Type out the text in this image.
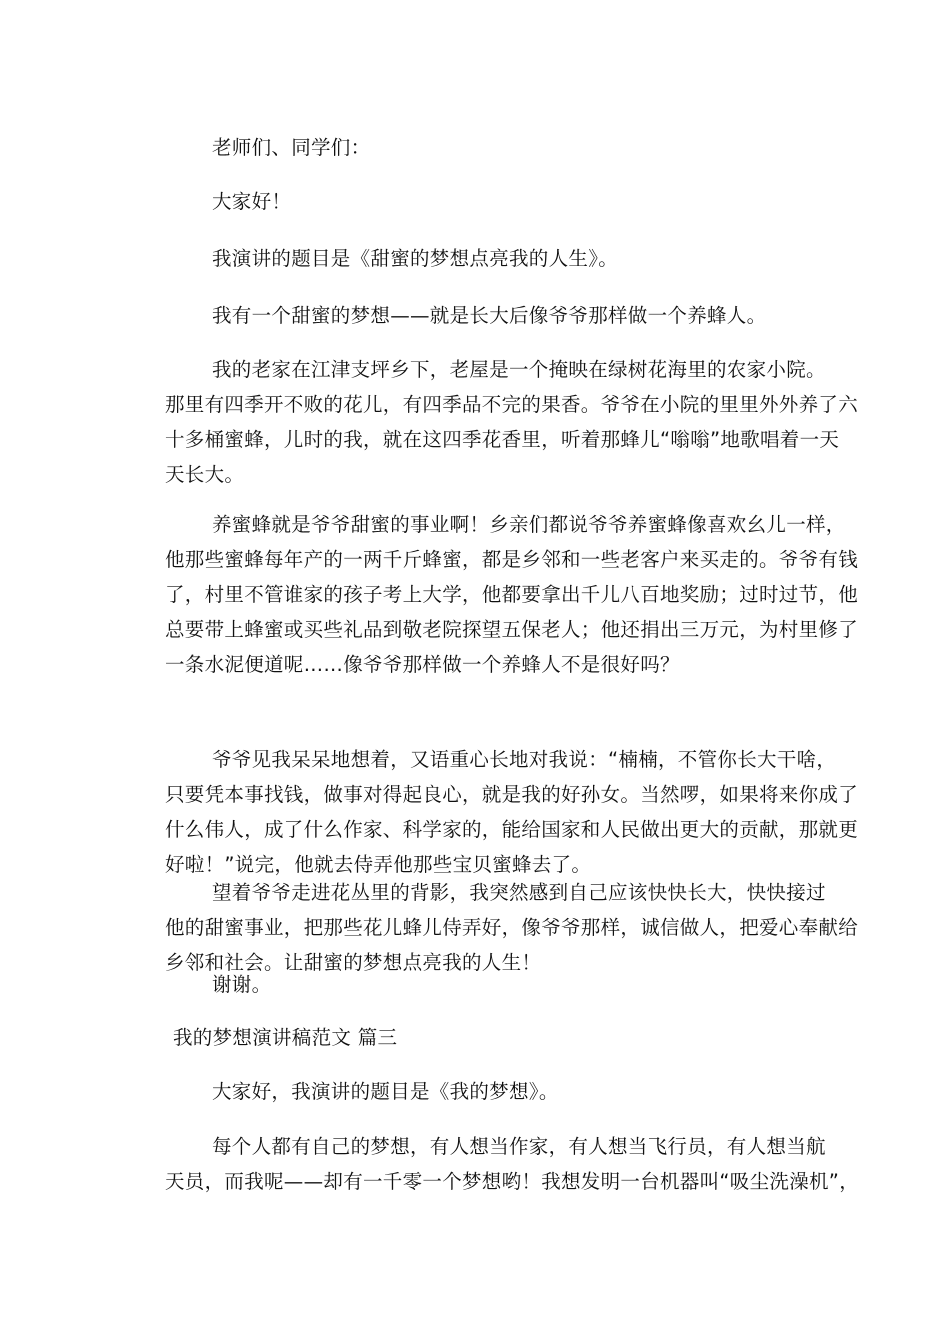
老师们、同学们：
大家好！
我演讲的题目是《甜蜜的梦想点亮我的人生》。
我有一个甜蜜的梦想——就是长大后像爷爷那样做一个养蜂人。
我的老家在江津支坪乡下，老屋是一个掩映在绿树花海里的农家小院。
那里有四季开不败的花儿，有四季品不完的果香。爷爷在小院的里里外外养了六
十多桶蜜蜂，儿时的我，就在这四季花香里，听着那蜂儿“嗡嗡”地歌唱着一天
天长大。
养蜜蜂就是爷爷甜蜜的事业啊！乡亲们都说爷爷养蜜蜂像喜欢幺儿一样，
他那些蜜蜂每年产的一两千斤蜂蜜，都是乡邻和一些老客户来买走的。爷爷有钱
了，村里不管谁家的孩子考上大学，他都要拿出千儿八百地奖励；过时过节，他
总要带上蜂蜜或买些礼品到敬老院探望五保老人；他还捐出三万元，为村里修了
一条水泥便道呢……像爷爷那样做一个养蜂人不是很好吗？
爷爷见我呆呆地想着，又语重心长地对我说：“楠楠，不管你长大干啥，
只要凭本事找钱，做事对得起良心，就是我的好孙女。当然啰，如果将来你成了
什么伟人，成了什么作家、科学家的，能给国家和人民做出更大的贡献，那就更
好啦！”说完，他就去侍弄他那些宝贝蜜蜂去了。
望着爷爷走进花丛里的背影，我突然感到自己应该快快长大，快快接过
他的甜蜜事业，把那些花儿蜂儿侍弄好，像爷爷那样，诚信做人，把爱心奉献给
乡邻和社会。让甜蜜的梦想点亮我的人生！
谢谢。
我的梦想演讲稿范文 篇三
大家好，我演讲的题目是《我的梦想》。
每个人都有自己的梦想，有人想当作家，有人想当飞行员，有人想当航
天员，而我呢——却有一千零一个梦想哟！我想发明一台机器叫“吸尘洗澡机”，
